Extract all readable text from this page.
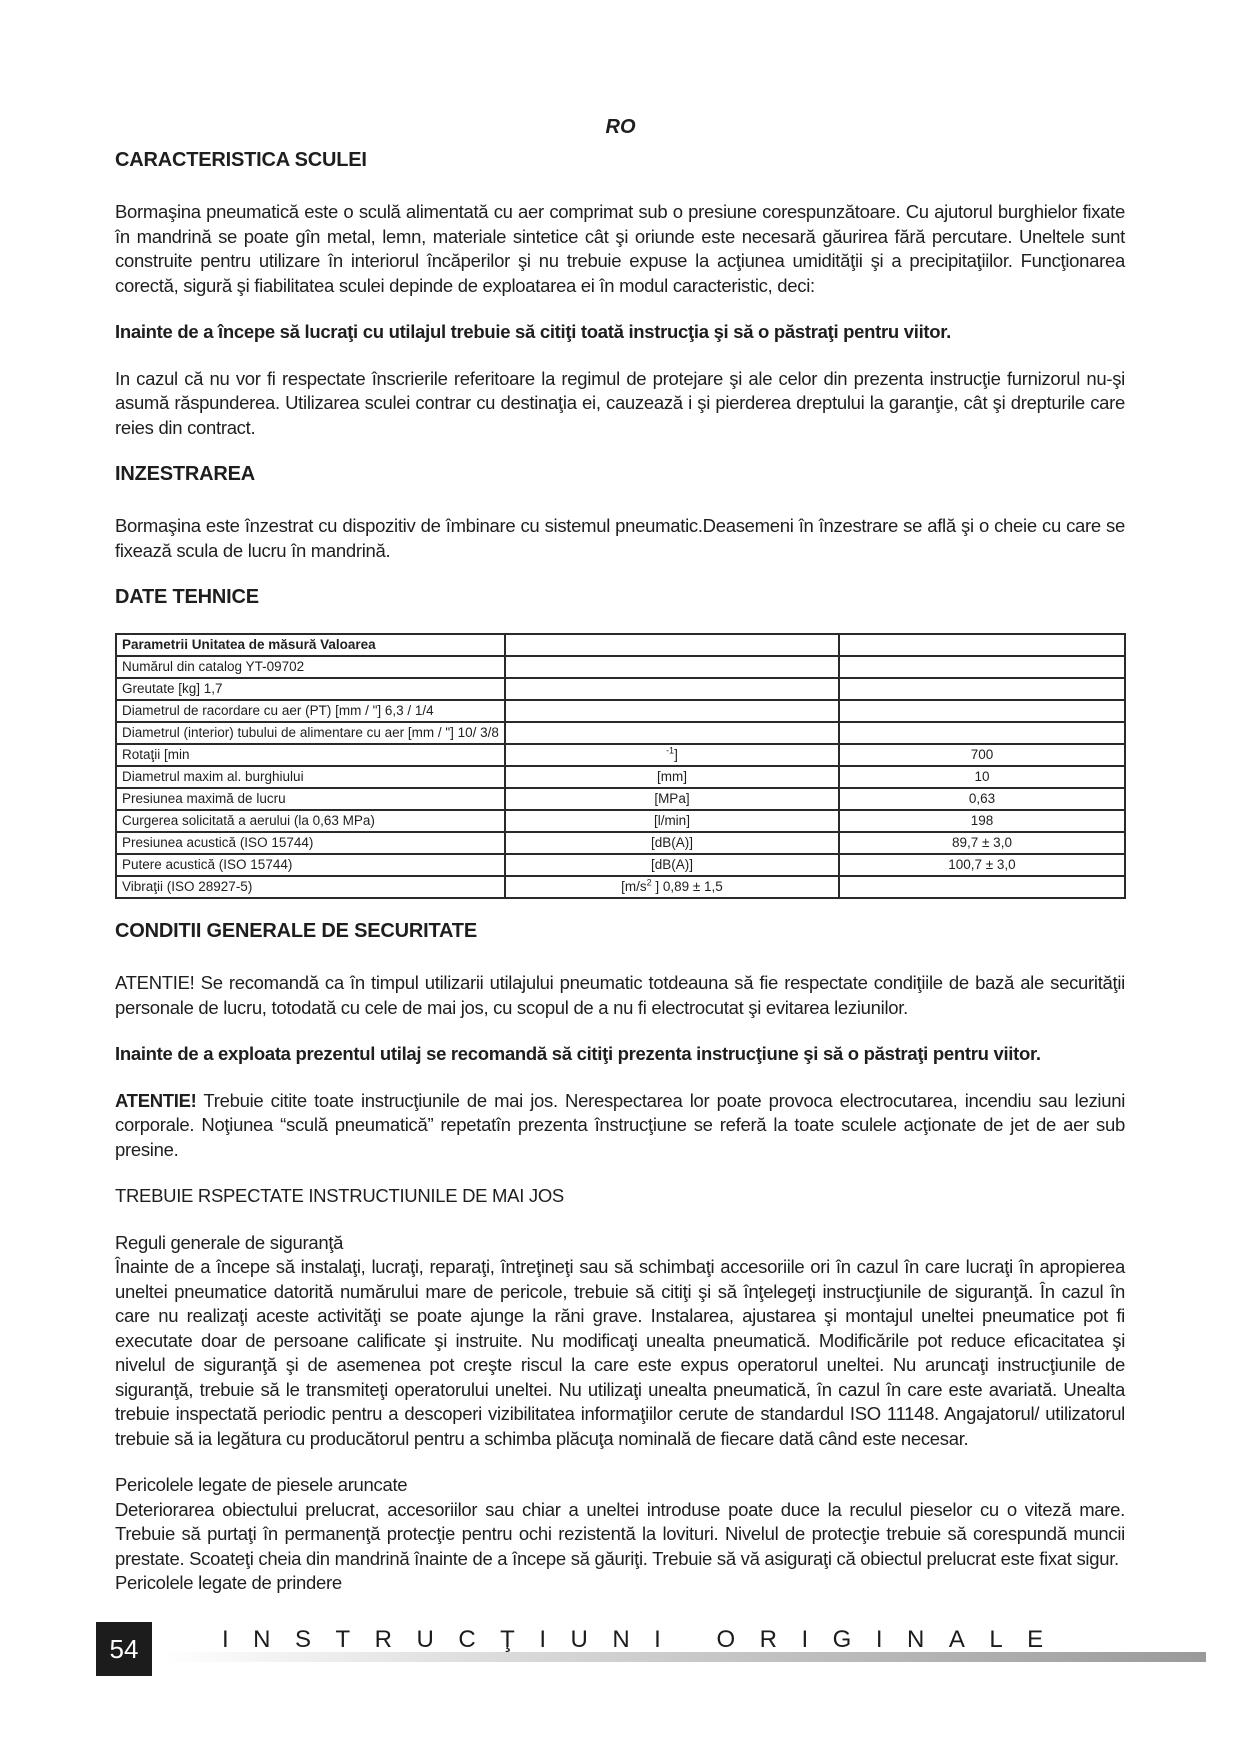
RO
CARACTERISTICA SCULEI

Bormaşina pneumatică este o sculă alimentată cu aer comprimat sub o presiune corespunzătoare. Cu ajutorul burghielor fixate în mandrină se poate gîn metal, lemn, materiale sintetice cât şi oriunde este necesară găurirea fără percutare. Uneltele sunt construite pentru utilizare în interiorul încăperilor şi nu trebuie expuse la acţiunea umidităţii şi a precipitaţiilor. Funcţionarea corectă, sigură şi fiabilitatea sculei depinde de exploatarea ei în modul caracteristic, deci:

Inainte de a începe să lucraţi cu utilajul trebuie să citiţi toată instrucţia şi să o păstraţi pentru viitor.

In cazul că nu vor fi respectate înscrierile referitoare la regimul de protejare şi ale celor din prezenta instrucţie furnizorul nu-şi asumă răspunderea. Utilizarea sculei contrar cu destinaţia ei, cauzează i şi pierderea dreptului la garanţie, cât şi drepturile care reies din contract.

INZESTRAREA

Bormaşina este înzestrat cu dispozitiv de îmbinare cu sistemul pneumatic.Deasemeni în înzestrare se află şi o cheie cu care se fixează scula de lucru în mandrină.

DATE TEHNICE
Parametrii Unitatea de măsură Valoarea		
Numărul din catalog YT-09702		
Greutate [kg] 1,7		
Diametrul de racordare cu aer (PT) [mm / "] 6,3 / 1/4		
Diametrul (interior) tubului de alimentare cu aer [mm / "] 10/ 3/8		
Rotaţii [min	$^{-1}$]	700
Diametrul maxim al. burghiului	[mm]	10
Presiunea maximă de lucru	[MPa]	0,63
Curgerea solicitată a aerului (la 0,63 MPa)	[l/min]	198
Presiunea acustică (ISO 15744)	[dB(A)]	89,7 ± 3,0
Putere acustică (ISO 15744)	[dB(A)]	100,7 ± 3,0
Vibraţii (ISO 28927-5)	[$m/s^2$ ] 0,89 ± 1,5	
CONDITII GENERALE DE SECURITATE

ATENTIE! Se recomandă ca în timpul utilizarii utilajului pneumatic totdeauna să fie respectate condiţiile de bază ale securităţii personale de lucru, totodată cu cele de mai jos, cu scopul de a nu fi electrocutat şi evitarea leziunilor.

Inainte de a exploata prezentul utilaj se recomandă să citiţi prezenta instrucţiune şi să o păstraţi pentru viitor.

ATENTIE! Trebuie citite toate instrucţiunile de mai jos. Nerespectarea lor poate provoca electrocutarea, incendiu sau leziuni corporale. Noţiunea “sculă pneumatică” repetatîn prezenta înstrucţiune se referă la toate sculele acţionate de jet de aer sub presine.

TREBUIE RSPECTATE INSTRUCTIUNILE DE MAI JOS

Reguli generale de siguranţă

Înainte de a începe să instalaţi, lucraţi, reparaţi, întreţineţi sau să schimbaţi accesoriile ori în cazul în care lucraţi în apropierea uneltei pneumatice datorită numărului mare de pericole, trebuie să citiţi şi să înţelegeţi instrucţiunile de siguranţă. În cazul în care nu realizaţi aceste activităţi se poate ajunge la răni grave. Instalarea, ajustarea şi montajul uneltei pneumatice pot fi executate doar de persoane calificate şi instruite. Nu modificaţi unealta pneumatică. Modificările pot reduce eficacitatea şi nivelul de siguranţă şi de asemenea pot creşte riscul la care este expus operatorul uneltei. Nu aruncaţi instrucţiunile de siguranţă, trebuie să le transmiteţi operatorului uneltei. Nu utilizaţi unealta pneumatică, în cazul în care este avariată. Unealta trebuie inspectată periodic pentru a descoperi vizibilitatea informaţiilor cerute de standardul ISO 11148. Angajatorul/ utilizatorul trebuie să ia legătura cu producătorul pentru a schimba plăcuţa nominală de fiecare dată când este necesar.

Pericolele legate de piesele aruncate

Deteriorarea obiectului prelucrat, accesoriilor sau chiar a uneltei introduse poate duce la reculul pieselor cu o viteză mare. Trebuie să purtaţi în permanenţă protecţie pentru ochi rezistentă la lovituri. Nivelul de protecţie trebuie să corespundă muncii prestate. Scoateţi cheia din mandrină înainte de a începe să găuriţi. Trebuie să vă asiguraţi că obiectul prelucrat este fixat sigur.

Pericolele legate de prindere

54	INSTRUCŢIUNI ORIGINALE
